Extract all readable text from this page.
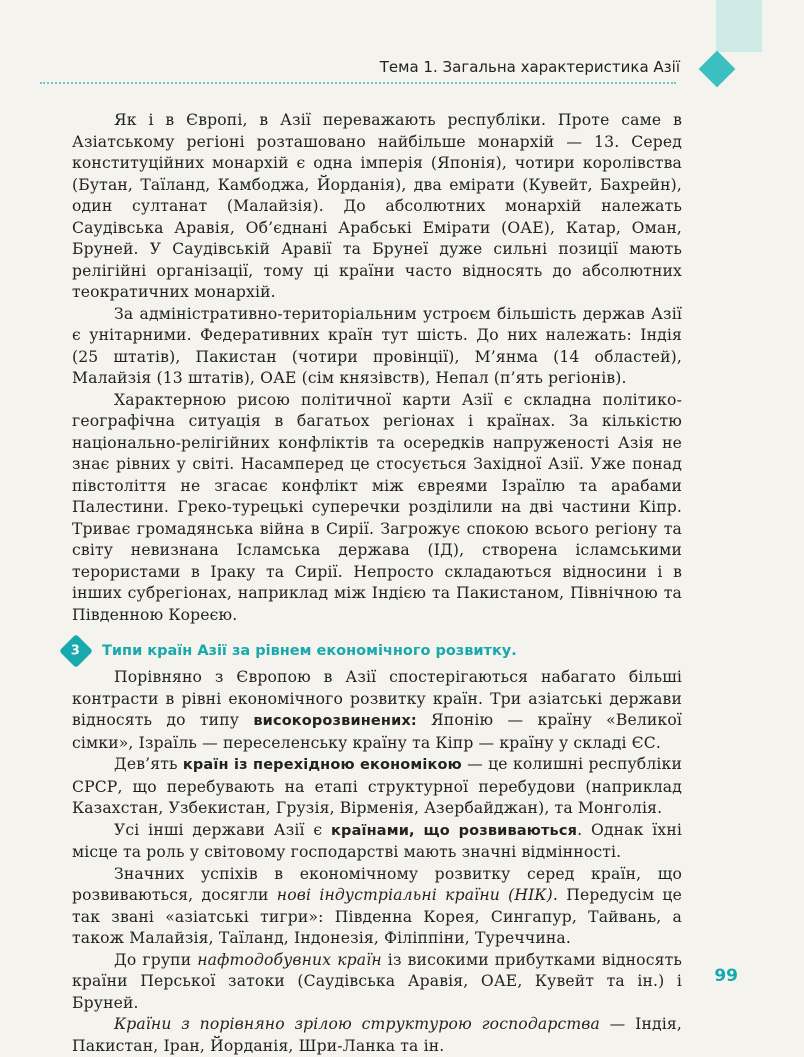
Тема 1. Загальна характеристика Азії

Як і в Європі, в Азії переважають республіки. Проте саме в Азіатському регіоні розташовано найбільше монархій — 13. Серед конституційних монархій є одна імперія (Японія), чотири королівства (Бутан, Таїланд, Камбоджа, Йорданія), два емірати (Кувейт, Бахрейн), один султанат (Малайзія). До абсолютних монархій належать Саудівська Аравія, Об’єднані Арабські Емірати (ОАЕ), Катар, Оман, Бруней. У Саудівській Аравії та Брунеї дуже сильні позиції мають релігійні організації, тому ці країни часто відносять до абсолютних теократичних монархій.

За адміністративно-територіальним устроєм більшість держав Азії є унітарними. Федеративних країн тут шість. До них належать: Індія (25 штатів), Пакистан (чотири провінції), М’янма (14 областей), Малайзія (13 штатів), ОАЕ (сім князівств), Непал (п’ять регіонів).

Характерною рисою політичної карти Азії є складна політико-географічна ситуація в багатьох регіонах і країнах. За кількістю національно-релігійних конфліктів та осередків напруженості Азія не знає рівних у світі. Насамперед це стосується Західної Азії. Уже понад півстоліття не згасає конфлікт між євреями Ізраїлю та арабами Палестини. Греко-турецькі суперечки розділили на дві частини Кіпр. Триває громадянська війна в Сирії. Загрожує спокою всього регіону та світу невизнана Ісламська держава (ІД), створена ісламськими терористами в Іраку та Сирії. Непросто складаються відносини і в інших субрегіонах, наприклад між Індією та Пакистаном, Північною та Південною Кореєю.

3 Типи країн Азії за рівнем економічного розвитку.

Порівняно з Європою в Азії спостерігаються набагато більші контрасти в рівні економічного розвитку країн. Три азіатські держави відносять до типу високорозвинених: Японію — країну «Великої сімки», Ізраїль — переселенську країну та Кіпр — країну у складі ЄС.

Дев’ять країн із перехідною економікою — це колишні республіки СРСР, що перебувають на етапі структурної перебудови (наприклад Казахстан, Узбекистан, Грузія, Вірменія, Азербайджан), та Монголія.

Усі інші держави Азії є країнами, що розвиваються. Однак їхні місце та роль у світовому господарстві мають значні відмінності.

Значних успіхів в економічному розвитку серед країн, що розвиваються, досягли нові індустріальні країни (НІК). Передусім це так звані «азіатські тигри»: Південна Корея, Сингапур, Тайвань, а також Малайзія, Таїланд, Індонезія, Філіппіни, Туреччина.

До групи нафтодобувних країн із високими прибутками відносять країни Перської затоки (Саудівська Аравія, ОАЕ, Кувейт та ін.) і Бруней.

Країни з порівняно зрілою структурою господарства — Індія, Пакистан, Іран, Йорданія, Шри-Ланка та ін.

99
